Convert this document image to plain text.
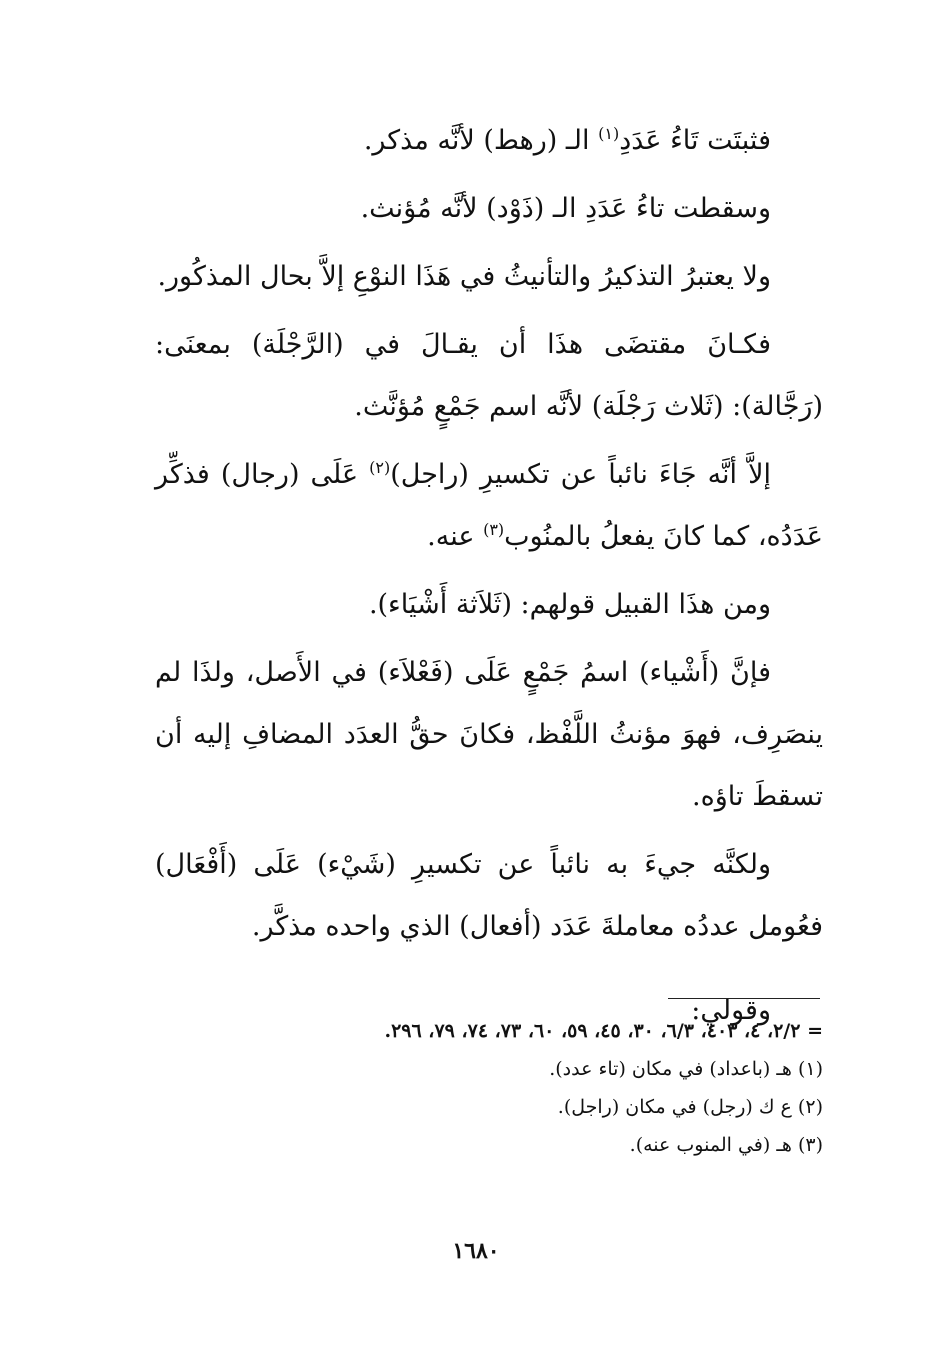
فثبتَت تَاءُ عَدَدِ$^{(١)}$ الـ (رهط) لأنَّه مذكر.

وسقطت تاءُ عَدَدِ الـ (ذَوْد) لأنَّه مُؤنث.

ولا يعتبرُ التذكيرُ والتأنيثُ في هَذَا النوْعِ إلاَّ بحال المذكُور.

فكـانَ مقتضَى هذَا أن يقـالَ في (الرَّجْلَة) بمعنَى: (رَجَّالة): (ثَلاث رَجْلَة) لأنَّه اسم جَمْعٍ مُؤنَّث.

إلاَّ أنَّه جَاءَ نائباً عن تكسيرِ (راجل)$^{(٢)}$ عَلَى (رجال) فذكِّر عَدَدُه، كما كانَ يفعلُ بالمنُوب$^{(٣)}$ عنه.

ومن هذَا القبيل قولهم: (ثَلاَثة أَشْيَاء).

فإنَّ (أَشْياء) اسمُ جَمْعٍ عَلَى (فَعْلاَء) في الأَصل، ولذَا لم ينصَرِف، فهوَ مؤنثُ اللَّفْظ، فكانَ حقُّ العدَد المضافِ إليه أن تسقطَ تاؤه.

ولكنَّه جيءَ به نائباً عن تكسيرِ (شَيْء) عَلَى (أَفْعَال) فعُومل عددُه معاملةَ عَدَد (أفعال) الذي واحده مذكَّر.

وقولي:

= ٢/٢، ٤، ٤٠٣، ٦/٣، ٣٠، ٤٥، ٥٩، ٦٠، ٧٣، ٧٤، ٧٩، ٢٩٦.

(١) هـ (باعداد) في مكان (تاء عدد).

(٢) ع ك (رجل) في مكان (راجل).

(٣) هـ (في المنوب عنه).

١٦٨٠
